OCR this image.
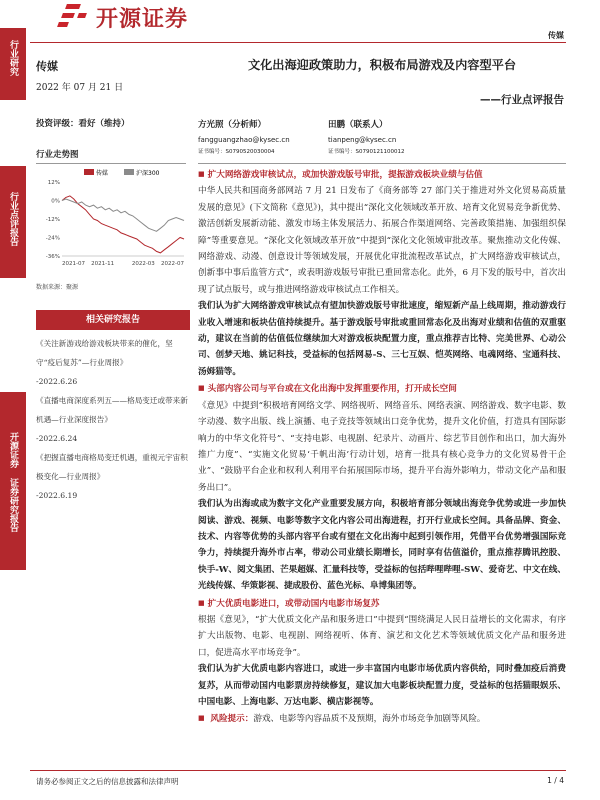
行业研究
行业点评报告
开源证券 证券研究报告
开源证券
传媒
传媒
2022 年 07 月 21 日
投资评级：看好（维持）
行业走势图
传媒	沪深300
12%
0%
-12%
-24%
-36%
2021-07 2021-11	2022-03 2022-07
数据来源：聚源
相关研究报告
《关注新游戏给游戏板块带来的催化，坚守“疫后复苏”—行业周报》
-2022.6.26
《直播电商深度系列五——格局变迁或带来新机遇—行业深度报告》
-2022.6.24
《把握直播电商格局变迁机遇，重视元宇宙积极变化—行业周报》
-2022.6.19
文化出海迎政策助力，积极布局游戏及内容型平台
——行业点评报告
方光照（分析师）
fangguangzhao@kysec.cn
证书编号：S0790520030004
田鹏（联系人）
tianpeng@kysec.cn
证书编号：S0790121100012
■ 扩大网络游戏审核试点，或加快游戏版号审批，提振游戏板块业绩与估值
中华人民共和国商务部网站 7 月 21 日发布了《商务部等 27 部门关于推进对外文化贸易高质量发展的意见》(下文简称《意见》)，其中提出“深化文化领域改革开放、培育文化贸易竞争新优势、激活创新发展新动能、激发市场主体发展活力、拓展合作渠道网络、完善政策措施、加强组织保障”等重要意见。“深化文化领域改革开放”中提到“深化文化领域审批改革。聚焦推动文化传媒、网络游戏、动漫、创意设计等领域发展，开展优化审批流程改革试点，扩大网络游戏审核试点，创新事中事后监管方式”，或表明游戏版号审批已重回常态化。此外，6 月下发的版号中，首次出现了试点版号，或与推进网络游戏审核试点工作相关。
我们认为扩大网络游戏审核试点有望加快游戏版号审批速度，缩短新产品上线周期，推动游戏行业收入增速和板块估值持续提升。基于游戏版号审批或重回常态化及出海对业绩和估值的双重驱动，建议在当前的估值低位继续加大对游戏板块配置力度，重点推荐吉比特、完美世界、心动公司、创梦天地、姚记科技，受益标的包括网易-S、三七互娱、恺英网络、电魂网络、宝通科技、汤姆猫等。
■ 头部内容公司与平台或在文化出海中发挥重要作用，打开成长空间
《意见》中提到“积极培育网络文学、网络视听、网络音乐、网络表演、网络游戏、数字电影、数字动漫、数字出版、线上演播、电子竞技等领域出口竞争优势，提升文化价值，打造具有国际影响力的中华文化符号”、“支持电影、电视剧、纪录片、动画片、综艺节目创作和出口，加大海外推广力度”、“实施文化贸易‘千帆出海’行动计划，培育一批具有核心竞争力的文化贸易骨干企业”、“鼓励平台企业和权利人利用平台拓展国际市场，提升平台海外影响力，带动文化产品和服务出口”。
我们认为出海或成为数字文化产业重要发展方向，积极培育部分领域出海竞争优势或进一步加快阅读、游戏、视频、电影等数字文化内容公司出海进程，打开行业成长空间。具备品牌、资金、技术、内容等优势的头部内容平台或有望在文化出海中起到引领作用，凭借平台优势增强国际竞争力，持续提升海外市占率，带动公司业绩长期增长，同时享有估值溢价，重点推荐腾讯控股、快手-W、阅文集团、芒果超媒、汇量科技等，受益标的包括哔哩哔哩-SW、爱奇艺、中文在线、光线传媒、华策影视、捷成股份、蓝色光标、阜博集团等。
■ 扩大优质电影进口，或带动国内电影市场复苏
根据《意见》，“扩大优质文化产品和服务进口”中提到“围绕满足人民日益增长的文化需求，有序扩大出版物、电影、电视剧、网络视听、体育、演艺和文化艺术等领域优质文化产品和服务进口，促进高水平市场竞争”。
我们认为扩大优质电影内容进口，或进一步丰富国内电影市场优质内容供给，同时叠加疫后消费复苏，从而带动国内电影票房持续修复，建议加大电影板块配置力度，受益标的包括猫眼娱乐、中国电影、上海电影、万达电影、横店影视等。
■ 风险提示：游戏、电影等內容品质不及预期，海外市场竞争加剧等风险。
请务必参阅正文之后的信息披露和法律声明	1 / 4
